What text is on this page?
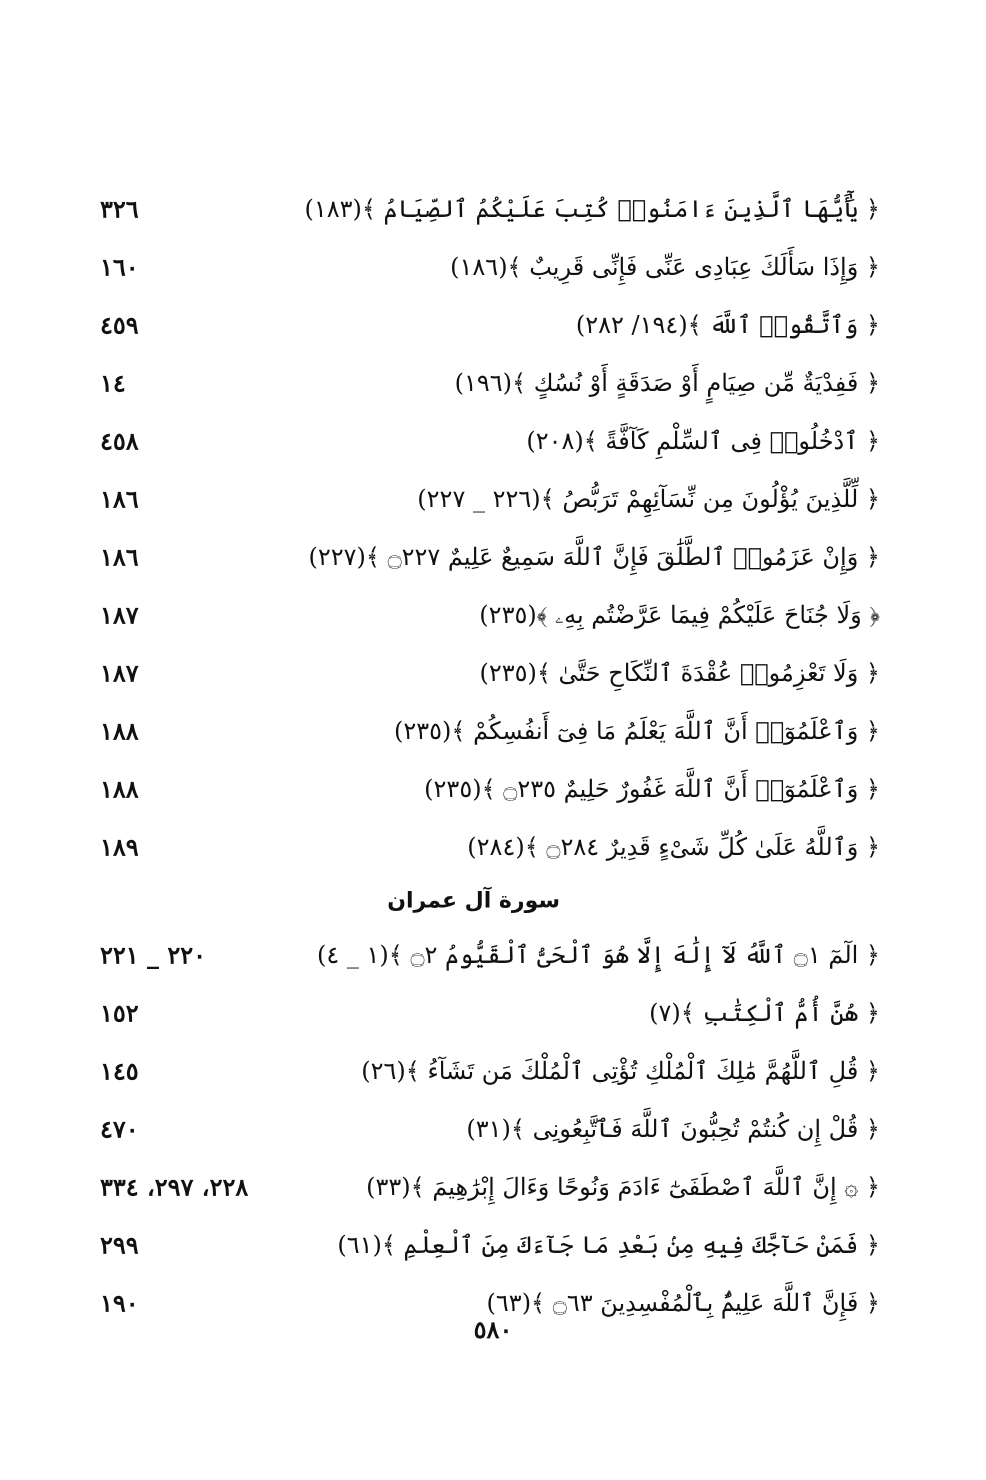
﴿ يَٰٓأَيُّهَا ٱلَّذِينَ ءَامَنُوا۟ كُتِبَ عَلَيْكُمُ ٱلصِّيَامُ ﴾(١٨٣)
٣٢٦
﴿ وَإِذَا سَأَلَكَ عِبَادِى عَنِّى فَإِنِّى قَرِيبٌ ﴾(١٨٦)
١٦٠
﴿ وَٱتَّقُوا۟ ٱللَّهَ ﴾(١٩٤/ ٢٨٢)
٤٥٩
﴿ فَفِدْيَةٌ مِّن صِيَامٍ أَوْ صَدَقَةٍ أَوْ نُسُكٍ ﴾(١٩٦)
١٤
﴿ ٱدْخُلُوا۟ فِى ٱلسِّلْمِ كَآفَّةً ﴾(٢٠٨)
٤٥٨
﴿ لِّلَّذِينَ يُؤْلُونَ مِن نِّسَآئِهِمْ تَرَبُّصُ ﴾(٢٢٦ _ ٢٢٧)
١٨٦
﴿ وَإِنْ عَزَمُوا۟ ٱلطَّلَٰقَ فَإِنَّ ٱللَّهَ سَمِيعٌ عَلِيمٌ ۝٢٢٧ ﴾(٢٢٧)
١٨٦
﴿ وَلَا جُنَاحَ عَلَيْكُمْ فِيمَا عَرَّضْتُم بِهِۦ ﴾(٢٣٥)
١٨٧
﴿ وَلَا تَعْزِمُوا۟ عُقْدَةَ ٱلنِّكَاحِ حَتَّىٰ ﴾(٢٣٥)
١٨٧
﴿ وَٱعْلَمُوٓا۟ أَنَّ ٱللَّهَ يَعْلَمُ مَا فِىٓ أَنفُسِكُمْ ﴾(٢٣٥)
١٨٨
﴿ وَٱعْلَمُوٓا۟ أَنَّ ٱللَّهَ غَفُورٌ حَلِيمٌ ۝٢٣٥ ﴾(٢٣٥)
١٨٨
﴿ وَٱللَّهُ عَلَىٰ كُلِّ شَىْءٍ قَدِيرٌ ۝٢٨٤ ﴾(٢٨٤)
١٨٩
سورة آل عمران
﴿ الٓمٓ ۝١ ٱللَّهُ لَآ إِلَٰهَ إِلَّا هُوَ ٱلْحَىُّ ٱلْقَيُّومُ ۝٢ ﴾(١ _ ٤)
٢٢٠ _ ٢٢١
﴿ هُنَّ أُمُّ ٱلْكِتَٰبِ ﴾(٧)
١٥٢
﴿ قُلِ ٱللَّهُمَّ مَٰلِكَ ٱلْمُلْكِ تُؤْتِى ٱلْمُلْكَ مَن تَشَآءُ ﴾(٢٦)
١٤٥
﴿ قُلْ إِن كُنتُمْ تُحِبُّونَ ٱللَّهَ فَٱتَّبِعُونِى ﴾(٣١)
٤٧٠
﴿ ۞ إِنَّ ٱللَّهَ ٱصْطَفَىٰٓ ءَادَمَ وَنُوحًا وَءَالَ إِبْرَٰهِيمَ ﴾(٣٣)
٢٢٨، ٢٩٧، ٣٣٤
﴿ فَمَنْ حَآجَّكَ فِيهِ مِنۢ بَعْدِ مَا جَآءَكَ مِنَ ٱلْعِلْمِ ﴾(٦١)
٢٩٩
﴿ فَإِنَّ ٱللَّهَ عَلِيمٌۢ بِٱلْمُفْسِدِينَ ۝٦٣ ﴾(٦٣)
١٩٠
٥٨٠
